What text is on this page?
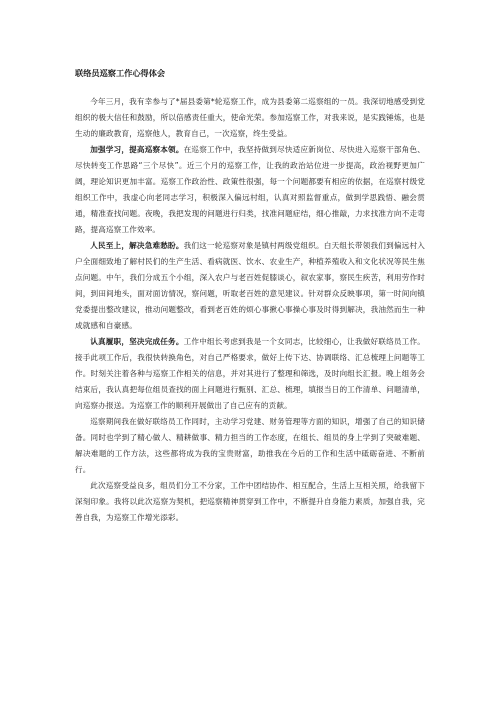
联络员巡察工作心得体会

今年三月，我有幸参与了*届县委第*轮巡察工作，成为县委第二巡察组的一员。我深切地感受到党组织的极大信任和鼓励，所以倍感责任重大，使命光荣。参加巡察工作，对我来说，是实践锤炼，也是生动的廉政教育，巡察他人，教育自己，一次巡察，终生受益。

加强学习，提高巡察本领。在巡察工作中，我坚持做到尽快适应新岗位、尽快进入巡察干部角色、尽快转变工作思路“三个尽快”。近三个月的巡察工作，让我的政治站位进一步提高，政治视野更加广阔，理论知识更加丰富。巡察工作政治性、政策性很强，每一个问题都要有相应的依据，在巡察村级党组织工作中，我虚心向老同志学习，积极深入偏远村组，认真对照监督重点，做到学思践悟、融会贯通，精准查找问题。夜晚，我把发现的问题进行归类，找准问题症结，细心推敲，力求找准方向不走弯路，提高巡察工作效率。

人民至上，解决急难愁盼。我们这一轮巡察对象是镇村两级党组织。白天组长带领我们到偏远村入户全面细致地了解村民们的生产生活、看病就医、饮水、农业生产，种植养殖收入和文化状况等民生焦点问题。中午，我们分成五个小组，深入农户与老百姓促膝谈心，叙农家事，察民生疾苦，利用劳作时间，到田间地头，面对面访情况，察问题，听取老百姓的意见建议。针对群众反映事项，第一时间向镇党委提出整改建议，推动问题整改，看到老百姓的烦心事揪心事操心事及时得到解决，我油然而生一种成就感和自豪感。

认真履职，坚决完成任务。工作中组长考虑到我是一个女同志，比较细心，让我做好联络员工作。接手此项工作后，我很快转换角色，对自己严格要求，做好上传下达、协调联络、汇总梳理上问题等工作。时刻关注着各种与巡察工作相关的信息，并对其进行了整理和筛选，及时向组长汇报。晚上组务会结束后，我认真把每位组员查找的面上问题进行甄别、汇总、梳理，填报当日的工作清单、问题清单，向巡察办报送。为巡察工作的顺利开展做出了自己应有的贡献。

巡察期间我在做好联络员工作同时，主动学习党建、财务管理等方面的知识，增强了自己的知识储备。同时也学到了精心做人、精耕做事、精力担当的工作态度，在组长、组员的身上学到了突破难题、解决难题的工作方法，这些都将成为我的宝贵财富，助推我在今后的工作和生活中砥砺奋进、不断前行。

此次巡察受益良多，组员们分工不分家，工作中团结协作、相互配合，生活上互相关照，给我留下深刻印象。我将以此次巡察为契机，把巡察精神贯穿到工作中，不断提升自身能力素质，加强自我，完善自我，为巡察工作增光添彩。
